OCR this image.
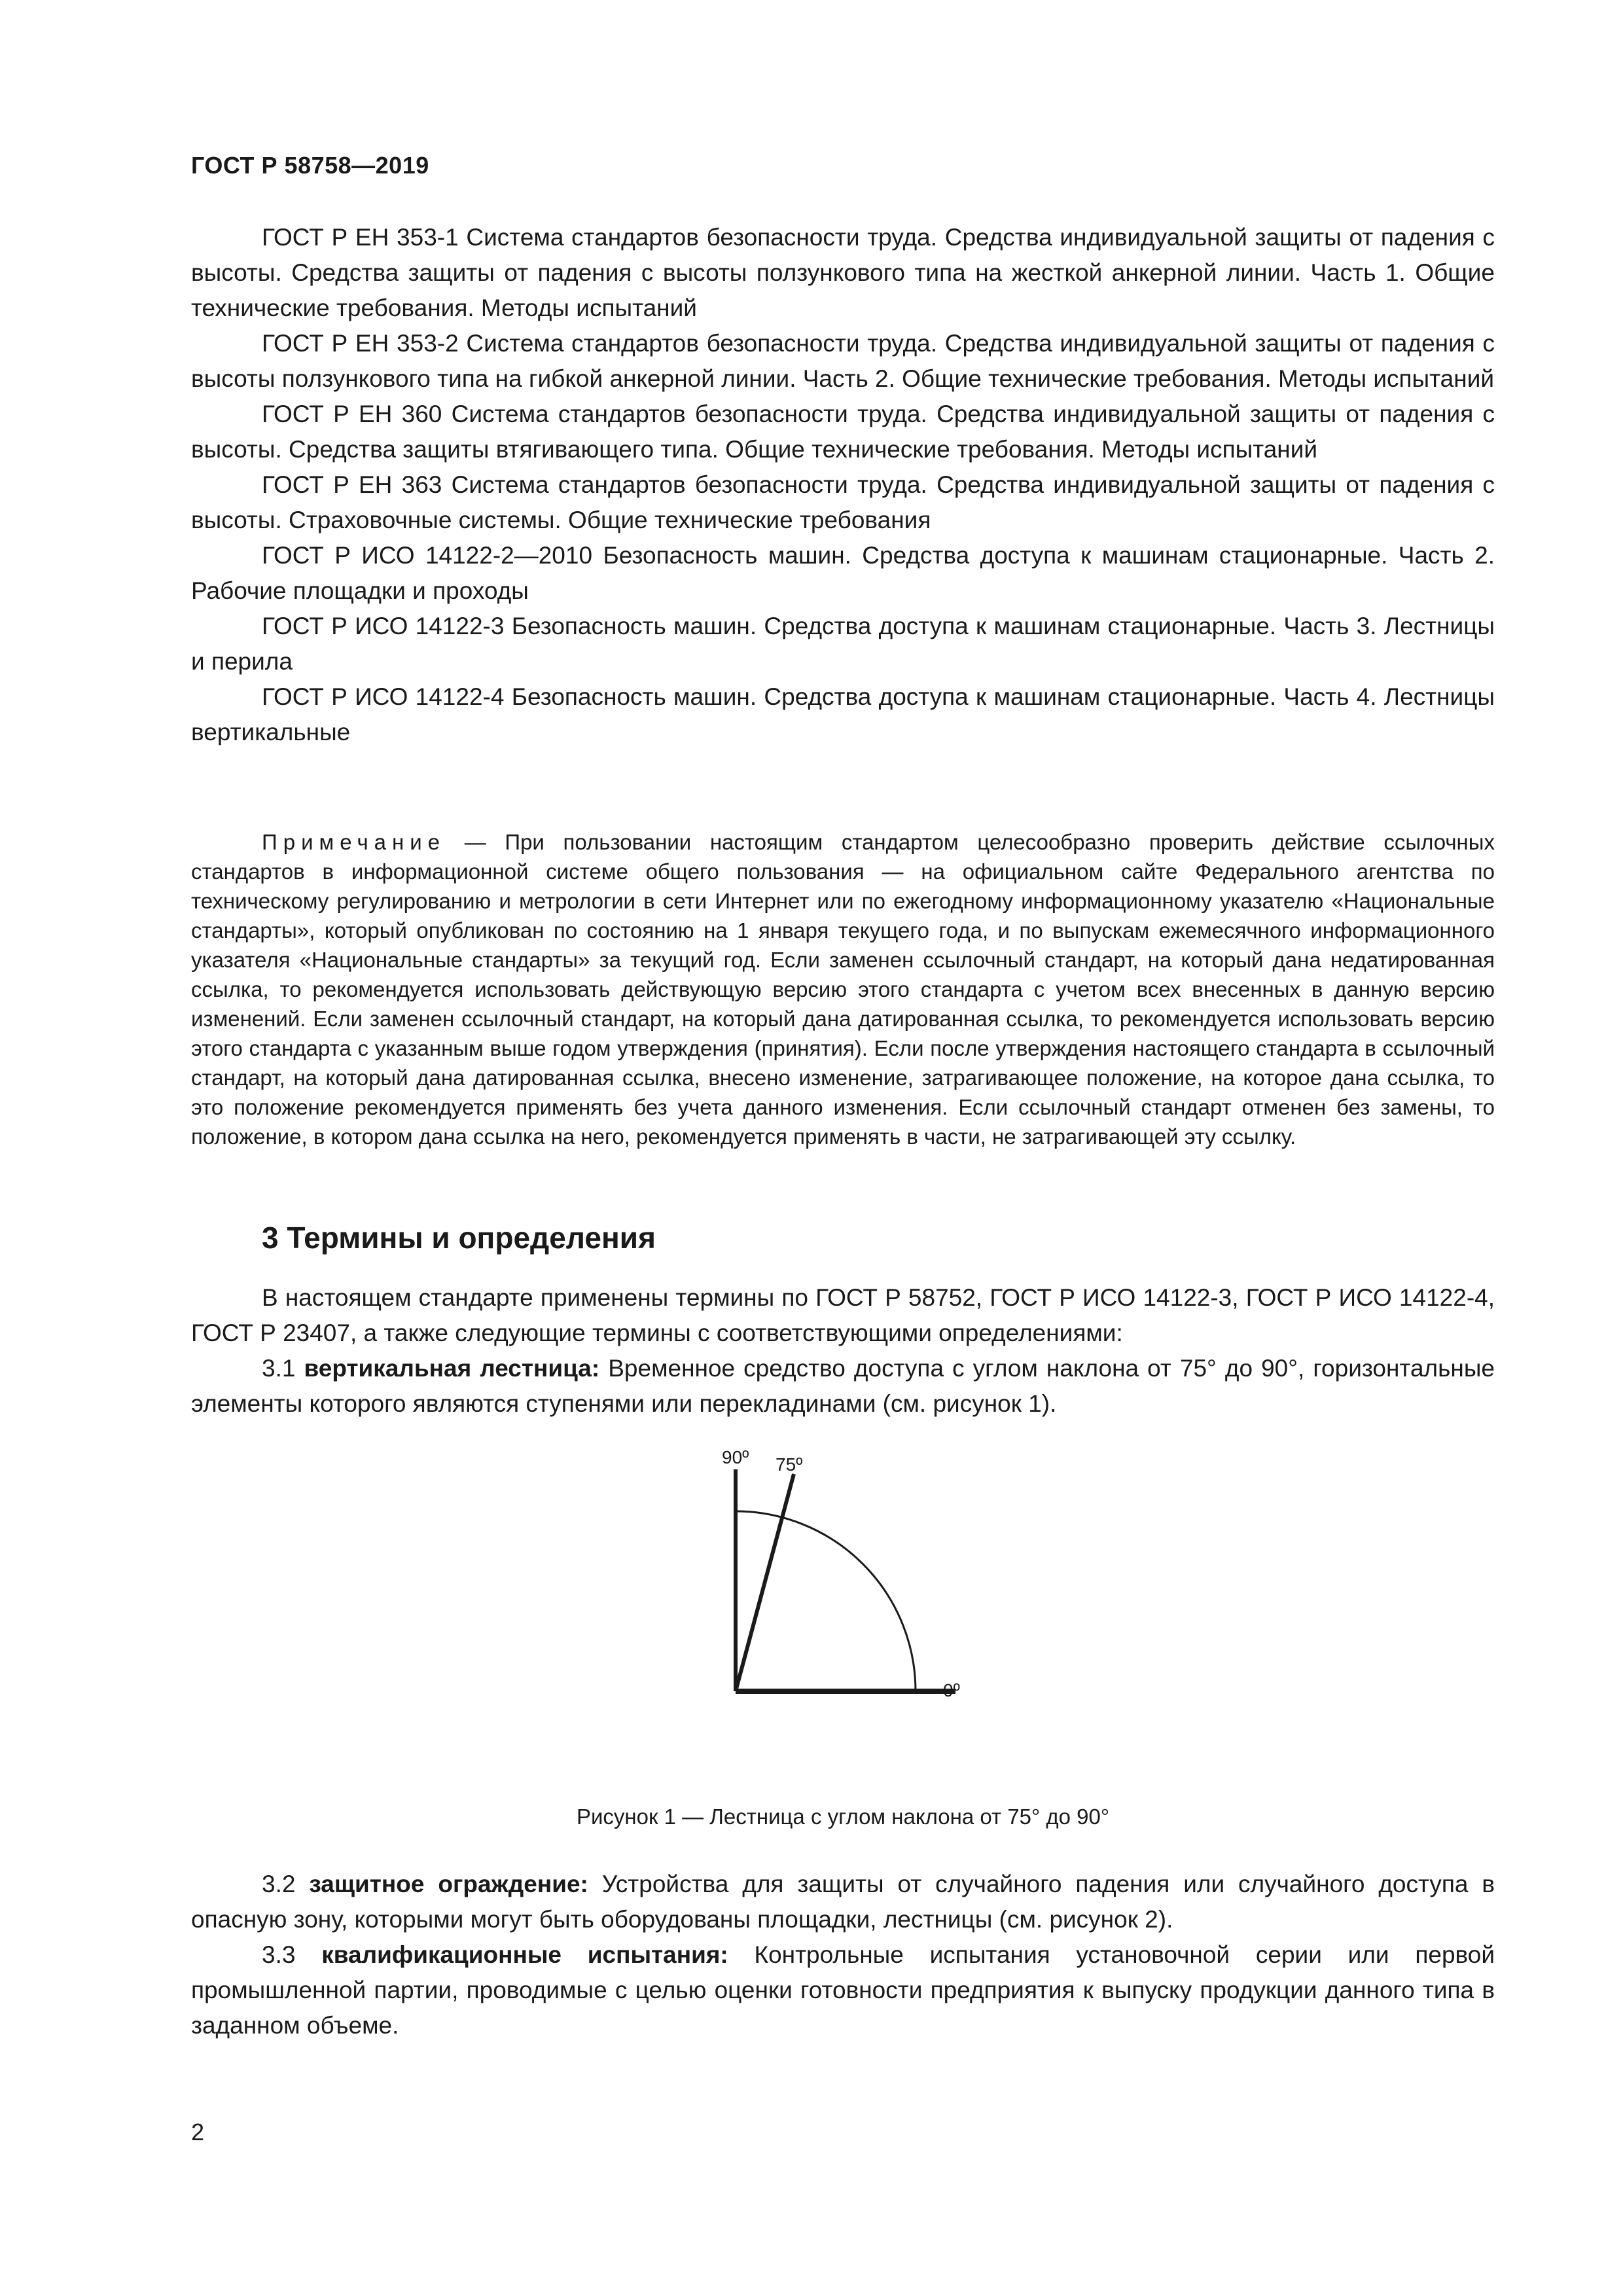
ГОСТ Р 58758—2019

ГОСТ Р ЕН 353-1 Система стандартов безопасности труда. Средства индивидуальной защиты от падения с высоты. Средства защиты от падения с высоты ползункового типа на жесткой анкерной линии. Часть 1. Общие технические требования. Методы испытаний

ГОСТ Р ЕН 353-2 Система стандартов безопасности труда. Средства индивидуальной защиты от падения с высоты ползункового типа на гибкой анкерной линии. Часть 2. Общие технические требования. Методы испытаний

ГОСТ Р ЕН 360 Система стандартов безопасности труда. Средства индивидуальной защиты от падения с высоты. Средства защиты втягивающего типа. Общие технические требования. Методы испытаний

ГОСТ Р ЕН 363 Система стандартов безопасности труда. Средства индивидуальной защиты от падения с высоты. Страховочные системы. Общие технические требования

ГОСТ Р ИСО 14122-2—2010 Безопасность машин. Средства доступа к машинам стационарные. Часть 2. Рабочие площадки и проходы

ГОСТ Р ИСО 14122-3 Безопасность машин. Средства доступа к машинам стационарные. Часть 3. Лестницы и перила

ГОСТ Р ИСО 14122-4 Безопасность машин. Средства доступа к машинам стационарные. Часть 4. Лестницы вертикальные

Примечание — При пользовании настоящим стандартом целесообразно проверить действие ссылочных стандартов в информационной системе общего пользования — на официальном сайте Федерального агентства по техническому регулированию и метрологии в сети Интернет или по ежегодному информационному указателю «Национальные стандарты», который опубликован по состоянию на 1 января текущего года, и по выпускам ежемесячного информационного указателя «Национальные стандарты» за текущий год. Если заменен ссылочный стандарт, на который дана недатированная ссылка, то рекомендуется использовать действующую версию этого стандарта с учетом всех внесенных в данную версию изменений. Если заменен ссылочный стандарт, на который дана датированная ссылка, то рекомендуется использовать версию этого стандарта с указанным выше годом утверждения (принятия). Если после утверждения настоящего стандарта в ссылочный стандарт, на который дана датированная ссылка, внесено изменение, затрагивающее положение, на которое дана ссылка, то это положение рекомендуется применять без учета данного изменения. Если ссылочный стандарт отменен без замены, то положение, в котором дана ссылка на него, рекомендуется применять в части, не затрагивающей эту ссылку.

3 Термины и определения

В настоящем стандарте применены термины по ГОСТ Р 58752, ГОСТ Р ИСО 14122-3, ГОСТ Р ИСО 14122-4, ГОСТ Р 23407, а также следующие термины с соответствующими определениями:

3.1 вертикальная лестница: Временное средство доступа с углом наклона от 75° до 90°, горизонтальные элементы которого являются ступенями или перекладинами (см. рисунок 1).

90º 75º
0º
Рисунок 1 — Лестница с углом наклона от 75° до 90°

3.2 защитное ограждение: Устройства для защиты от случайного падения или случайного доступа в опасную зону, которыми могут быть оборудованы площадки, лестницы (см. рисунок 2).

3.3 квалификационные испытания: Контрольные испытания установочной серии или первой промышленной партии, проводимые с целью оценки готовности предприятия к выпуску продукции данного типа в заданном объеме.

2
